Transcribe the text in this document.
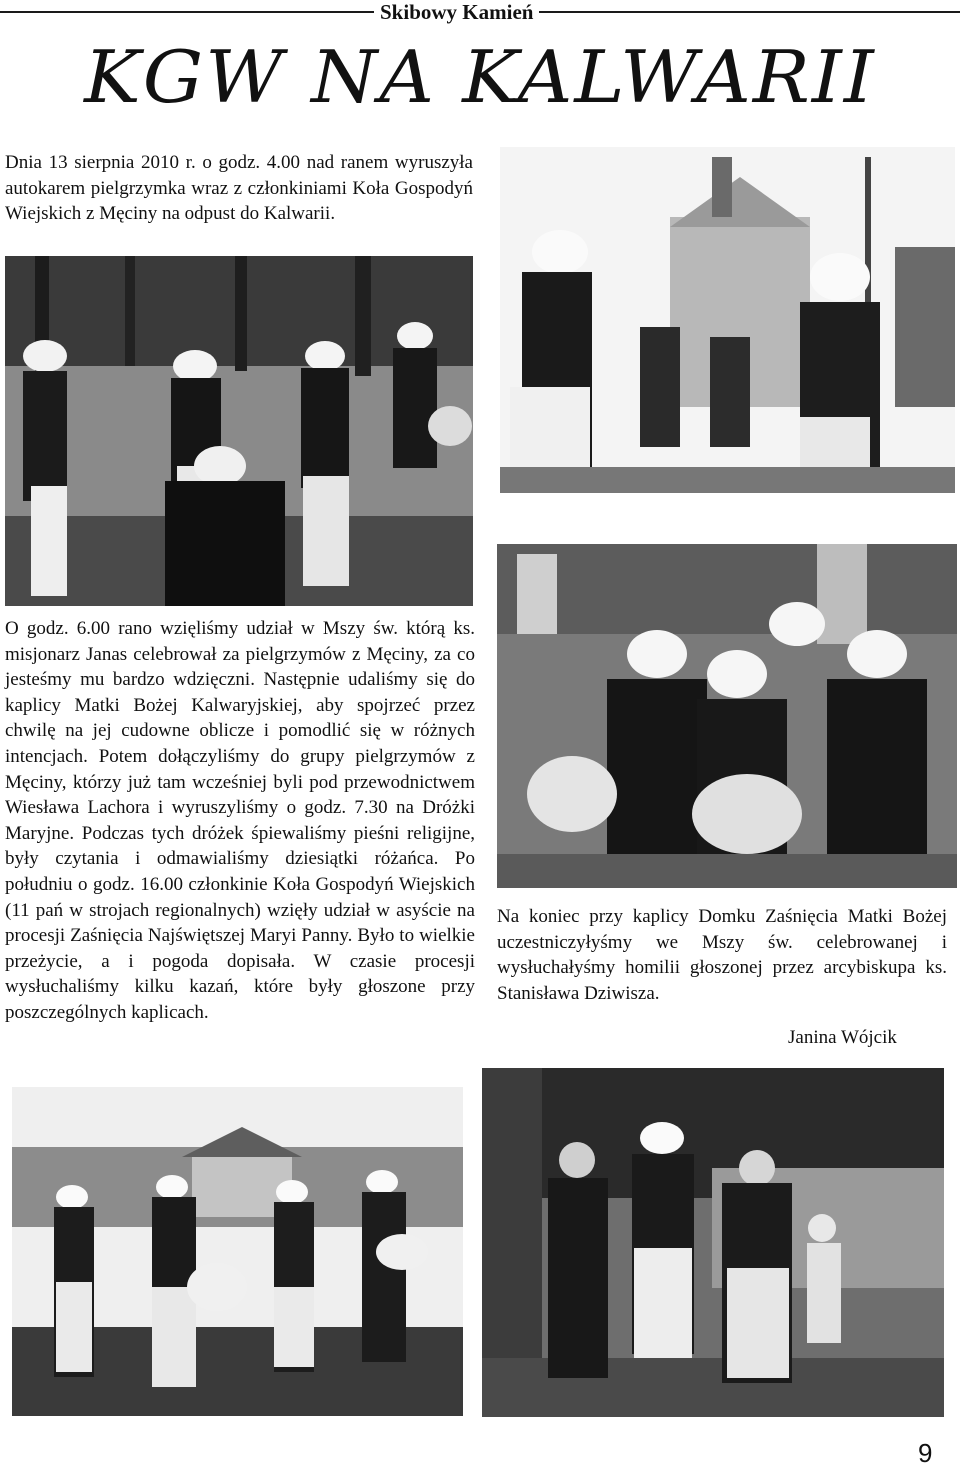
Skibowy Kamień
KGW NA KALWARII

Dnia 13 sierpnia 2010 r. o godz. 4.00 nad ranem wyruszyła autokarem pielgrzymka wraz z członkiniami Koła Gospodyń Wiejskich z Męciny na odpust do Kalwarii.

O godz. 6.00 rano wzięliśmy udział w Mszy św. którą ks. misjonarz Janas celebrował za pielgrzymów z Męciny, za co jesteśmy mu bardzo wdzięczni. Następnie udaliśmy się do kaplicy Matki Bożej Kalwaryjskiej, aby spojrzeć przez chwilę na jej cudowne oblicze i pomodlić się w różnych intencjach. Potem dołączyliśmy do grupy pielgrzymów z Męciny, którzy już tam wcześniej byli pod przewodnictwem Wiesława Lachora i wyruszyliśmy o godz. 7.30 na Dróżki Maryjne. Podczas tych dróżek śpiewaliśmy pieśni religijne, były czytania i odmawialiśmy dziesiątki różańca. Po południu o godz. 16.00 członkinie Koła Gospodyń Wiejskich (11 pań w strojach regionalnych) wzięły udział w asyście na procesji Zaśnięcia Najświętszej Maryi Panny. Było to wielkie przeżycie, a i pogoda dopisała. W czasie procesji wysłuchaliśmy kilku kazań, które były głoszone przy poszczególnych kaplicach.

Na koniec przy kaplicy Domku Zaśnięcia Matki Bożej uczestniczyłyśmy we Mszy św. celebrowanej i wysłuchałyśmy homilii głoszonej przez arcybiskupa ks. Stanisława Dziwisza.

Janina Wójcik
9
